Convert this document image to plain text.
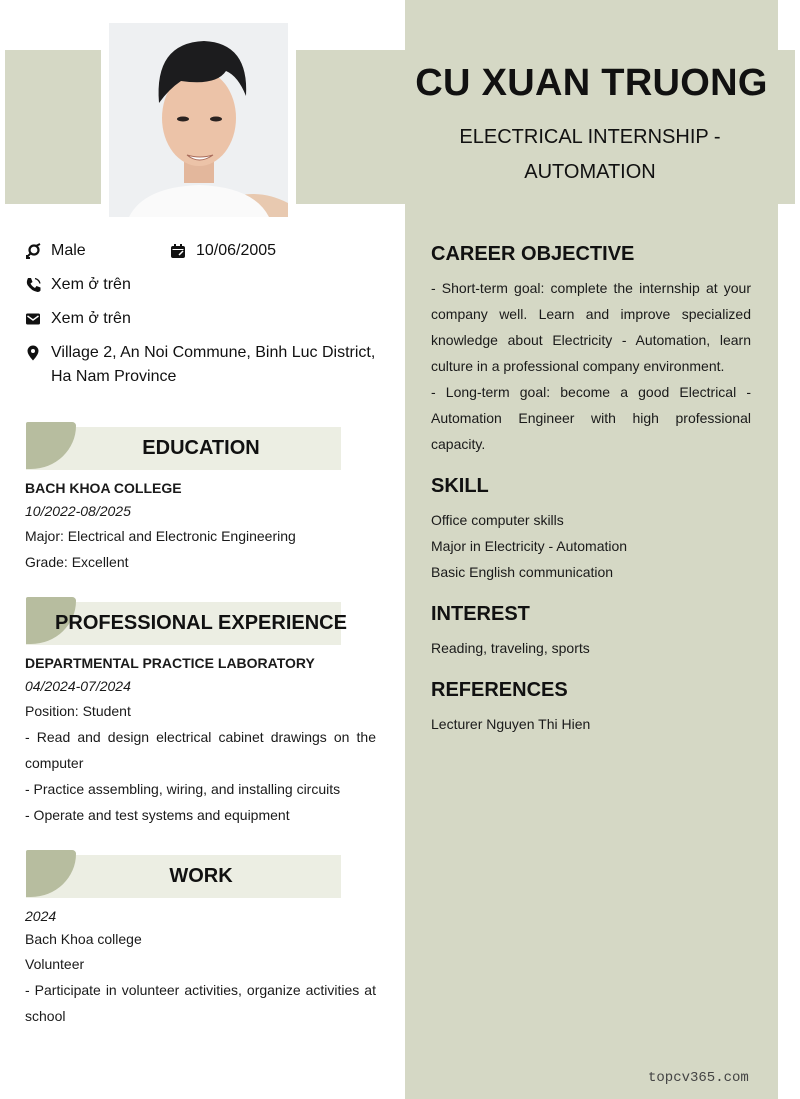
CU XUAN TRUONG
ELECTRICAL INTERNSHIP -
AUTOMATION
Male	10/06/2005
Xem ở trên
Xem ở trên
Village 2, An Noi Commune, Binh Luc District,
Ha Nam Province
EDUCATION
BACH KHOA COLLEGE
10/2022-08/2025
Major: Electrical and Electronic Engineering
Grade: Excellent
PROFESSIONAL EXPERIENCE
DEPARTMENTAL PRACTICE LABORATORY
04/2024-07/2024
Position: Student
- Read and design electrical cabinet drawings on the computer
- Practice assembling, wiring, and installing circuits
- Operate and test systems and equipment
WORK
2024
Bach Khoa college
Volunteer
- Participate in volunteer activities, organize activities at school
CAREER OBJECTIVE
- Short-term goal: complete the internship at your company well. Learn and improve specialized knowledge about Electricity - Automation, learn culture in a professional company environment.
- Long-term goal: become a good Electrical - Automation Engineer with high professional capacity.
SKILL
Office computer skills
Major in Electricity - Automation
Basic English communication
INTEREST
Reading, traveling, sports
REFERENCES
Lecturer Nguyen Thi Hien
topcv365.com
